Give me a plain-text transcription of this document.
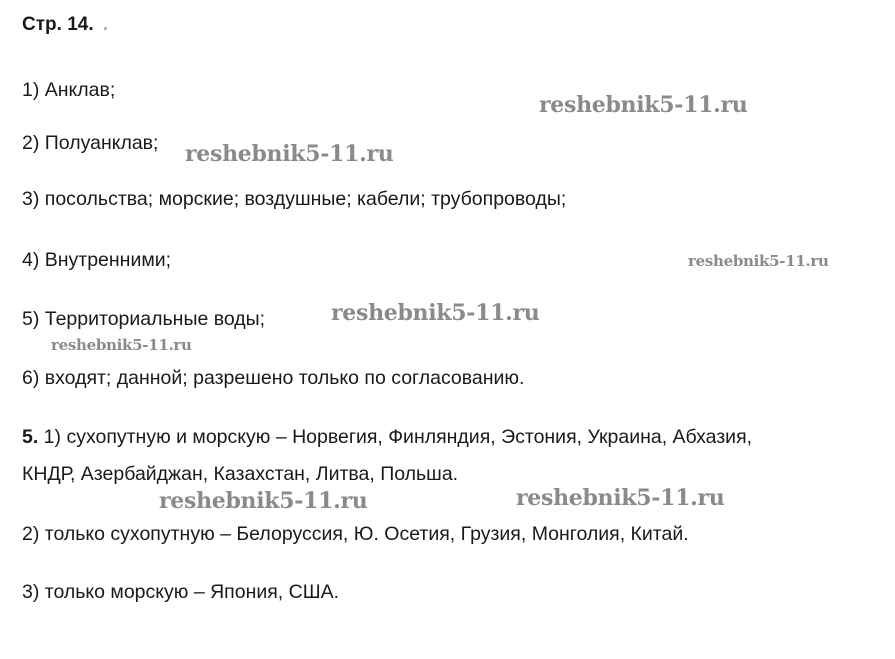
Стр. 14.
1) Анклав;
2) Полуанклав;
3) посольства; морские; воздушные; кабели; трубопроводы;
4) Внутренними;
5) Территориальные воды;
6) входят; данной; разрешено только по согласованию.
5. 1) сухопутную и морскую – Норвегия, Финляндия, Эстония, Украина, Абхазия,
КНДР, Азербайджан, Казахстан, Литва, Польша.
2) только сухопутную – Белоруссия, Ю. Осетия, Грузия, Монголия, Китай.
3) только морскую – Япония, США.
reshebnik5-11.ru
reshebnik5-11.ru
reshebnik5-11.ru
reshebnik5-11.ru
reshebnik5-11.ru
reshebnik5-11.ru	reshebnik5-11.ru
